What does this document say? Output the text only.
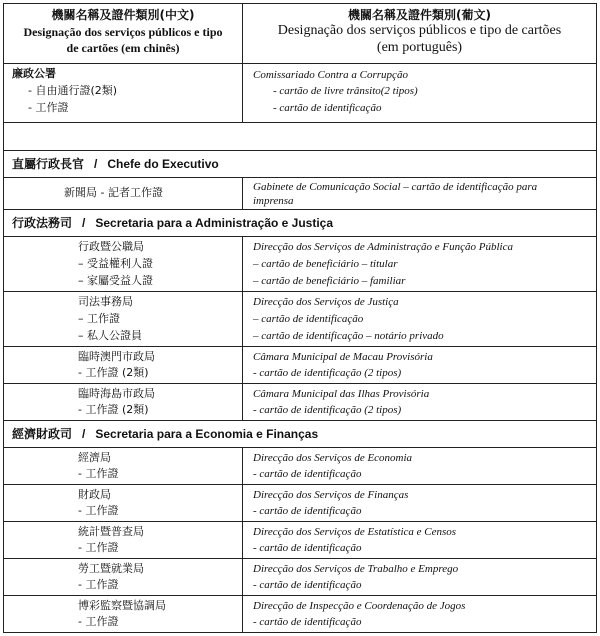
機關名稱及證件類別(中文)
Designação dos serviços públicos e tipo
de cartões (em chinês)
機關名稱及證件類別(葡文)
Designação dos serviços públicos e tipo de cartões
(em português)
廉政公署
- 自由通行證(2類)
- 工作證
Comissariado Contra a Corrupção
- cartão de livre trânsito(2 tipos)
- cartão de identificação
直屬行政長官 / Chefe do Executivo
新聞局 - 記者工作證	Gabinete de Comunicação Social – cartão de identificação para
imprensa
行政法務司 / Secretaria para a Administração e Justiça
行政暨公職局
– 受益權利人證
– 家屬受益人證
Direcção dos Serviços de Administração e Função Pública
– cartão de beneficiário – titular
– cartão de beneficiário – familiar
司法事務局
– 工作證
– 私人公證員
Direcção dos Serviços de Justiça
– cartão de identificação
– cartão de identificação – notário privado
臨時澳門市政局
- 工作證 (2類)
Câmara Municipal de Macau Provisória
- cartão de identificação (2 tipos)
臨時海島市政局
- 工作證 (2類)
Câmara Municipal das Ilhas Provisória
- cartão de identificação (2 tipos)
經濟財政司 / Secretaria para a Economia e Finanças
經濟局
- 工作證
Direcção dos Serviços de Economia
- cartão de identificação
財政局
- 工作證
Direcção dos Serviços de Finanças
- cartão de identificação
統計暨普查局
- 工作證
Direcção dos Serviços de Estatística e Censos
- cartão de identificação
勞工暨就業局
- 工作證
Direcção dos Serviços de Trabalho e Emprego
- cartão de identificação
博彩監察暨協調局
- 工作證
Direcção de Inspecção e Coordenação de Jogos
- cartão de identificação
